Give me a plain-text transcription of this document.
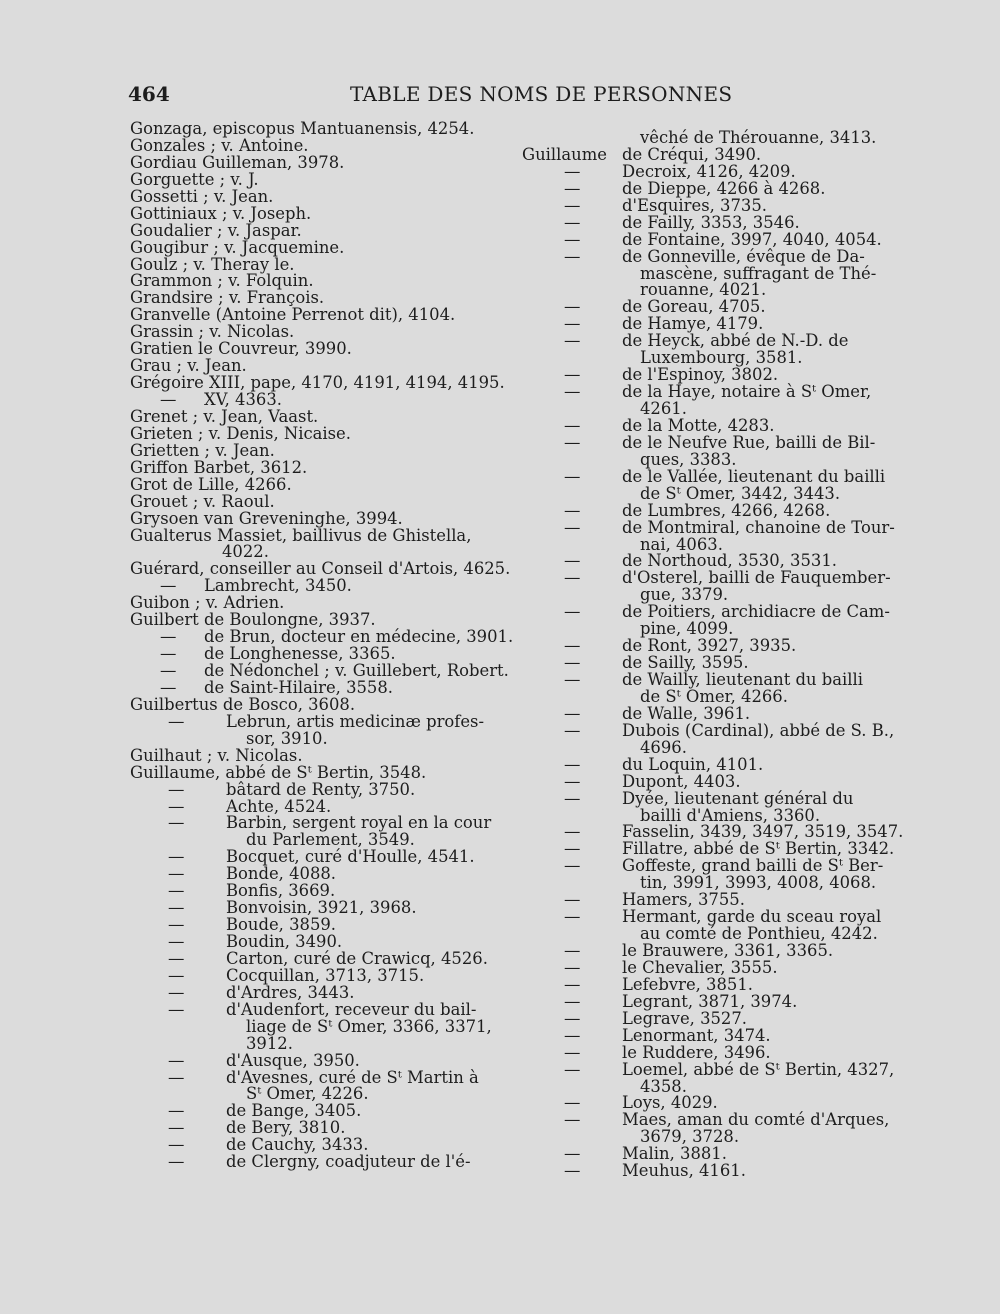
464	TABLE DES NOMS DE PERSONNES
Gonzaga, episcopus Mantuanensis, 4254.
Gonzales ; v. Antoine.
Gordiau Guilleman, 3978.
Gorguette ; v. J.
Gossetti ; v. Jean.
Gottiniaux ; v. Joseph.
Goudalier ; v. Jaspar.
Gougibur ; v. Jacquemine.
Goulz ; v. Theray le.
Grammon ; v. Folquin.
Grandsire ; v. François.
Granvelle (Antoine Perrenot dit), 4104.
Grassin ; v. Nicolas.
Gratien le Couvreur, 3990.
Grau ; v. Jean.
Grégoire XIII, pape, 4170, 4191, 4194, 4195.
— XV, 4363.
Grenet ; v. Jean, Vaast.
Grieten ; v. Denis, Nicaise.
Grietten ; v. Jean.
Griffon Barbet, 3612.
Grot de Lille, 4266.
Grouet ; v. Raoul.
Grysoen van Greveninghe, 3994.
Gualterus Massiet, baillivus de Ghistella,
4022.
Guérard, conseiller au Conseil d'Artois, 4625.
— Lambrecht, 3450.
Guibon ; v. Adrien.
Guilbert de Boulongne, 3937.
— de Brun, docteur en médecine, 3901.
— de Longhenesse, 3365.
— de Nédonchel ; v. Guillebert, Robert.
— de Saint-Hilaire, 3558.
Guilbertus de Bosco, 3608.
—	Lebrun, artis medicinæ profes-
sor, 3910.
Guilhaut ; v. Nicolas.
Guillaume, abbé de Sᵗ Bertin, 3548.
—	bâtard de Renty, 3750.
—	Achte, 4524.
—	Barbin, sergent royal en la cour
du Parlement, 3549.
—	Bocquet, curé d'Houlle, 4541.
—	Bonde, 4088.
—	Bonfis, 3669.
—	Bonvoisin, 3921, 3968.
—	Boude, 3859.
—	Boudin, 3490.
—	Carton, curé de Crawicq, 4526.
—	Cocquillan, 3713, 3715.
—	d'Ardres, 3443.
—	d'Audenfort, receveur du bail-
liage de Sᵗ Omer, 3366, 3371,
3912.
—	d'Ausque, 3950.
—	d'Avesnes, curé de Sᵗ Martin à
Sᵗ Omer, 4226.
—	de Bange, 3405.
—	de Bery, 3810.
—	de Cauchy, 3433.
—	de Clergny, coadjuteur de l'é-
vêché de Thérouanne, 3413.
Guillaume de Créqui, 3490.
—	Decroix, 4126, 4209.
—	de Dieppe, 4266 à 4268.
—	d'Esquires, 3735.
—	de Failly, 3353, 3546.
—	de Fontaine, 3997, 4040, 4054.
—	de Gonneville, évêque de Da-
mascène, suffragant de Thé-
rouanne, 4021.
—	de Goreau, 4705.
—	de Hamye, 4179.
—	de Heyck, abbé de N.-D. de
Luxembourg, 3581.
—	de l'Espinoy, 3802.
—	de la Haye, notaire à Sᵗ Omer,
4261.
—	de la Motte, 4283.
—	de le Neufve Rue, bailli de Bil-
ques, 3383.
—	de le Vallée, lieutenant du bailli
de Sᵗ Omer, 3442, 3443.
—	de Lumbres, 4266, 4268.
—	de Montmiral, chanoine de Tour-
nai, 4063.
—	de Northoud, 3530, 3531.
—	d'Osterel, bailli de Fauquember-
gue, 3379.
—	de Poitiers, archidiacre de Cam-
pine, 4099.
—	de Ront, 3927, 3935.
—	de Sailly, 3595.
—	de Wailly, lieutenant du bailli
de Sᵗ Omer, 4266.
—	de Walle, 3961.
—	Dubois (Cardinal), abbé de S. B.,
4696.
—	du Loquin, 4101.
—	Dupont, 4403.
—	Dyée, lieutenant général du
bailli d'Amiens, 3360.
—	Fasselin, 3439, 3497, 3519, 3547.
—	Fillatre, abbé de Sᵗ Bertin, 3342.
—	Goffeste, grand bailli de Sᵗ Ber-
tin, 3991, 3993, 4008, 4068.
—	Hamers, 3755.
—	Hermant, garde du sceau royal
au comté de Ponthieu, 4242.
—	le Brauwere, 3361, 3365.
—	le Chevalier, 3555.
—	Lefebvre, 3851.
—	Legrant, 3871, 3974.
—	Legrave, 3527.
—	Lenormant, 3474.
—	le Ruddere, 3496.
—	Loemel, abbé de Sᵗ Bertin, 4327,
4358.
—	Loys, 4029.
—	Maes, aman du comté d'Arques,
3679, 3728.
—	Malin, 3881.
—	Meuhus, 4161.
